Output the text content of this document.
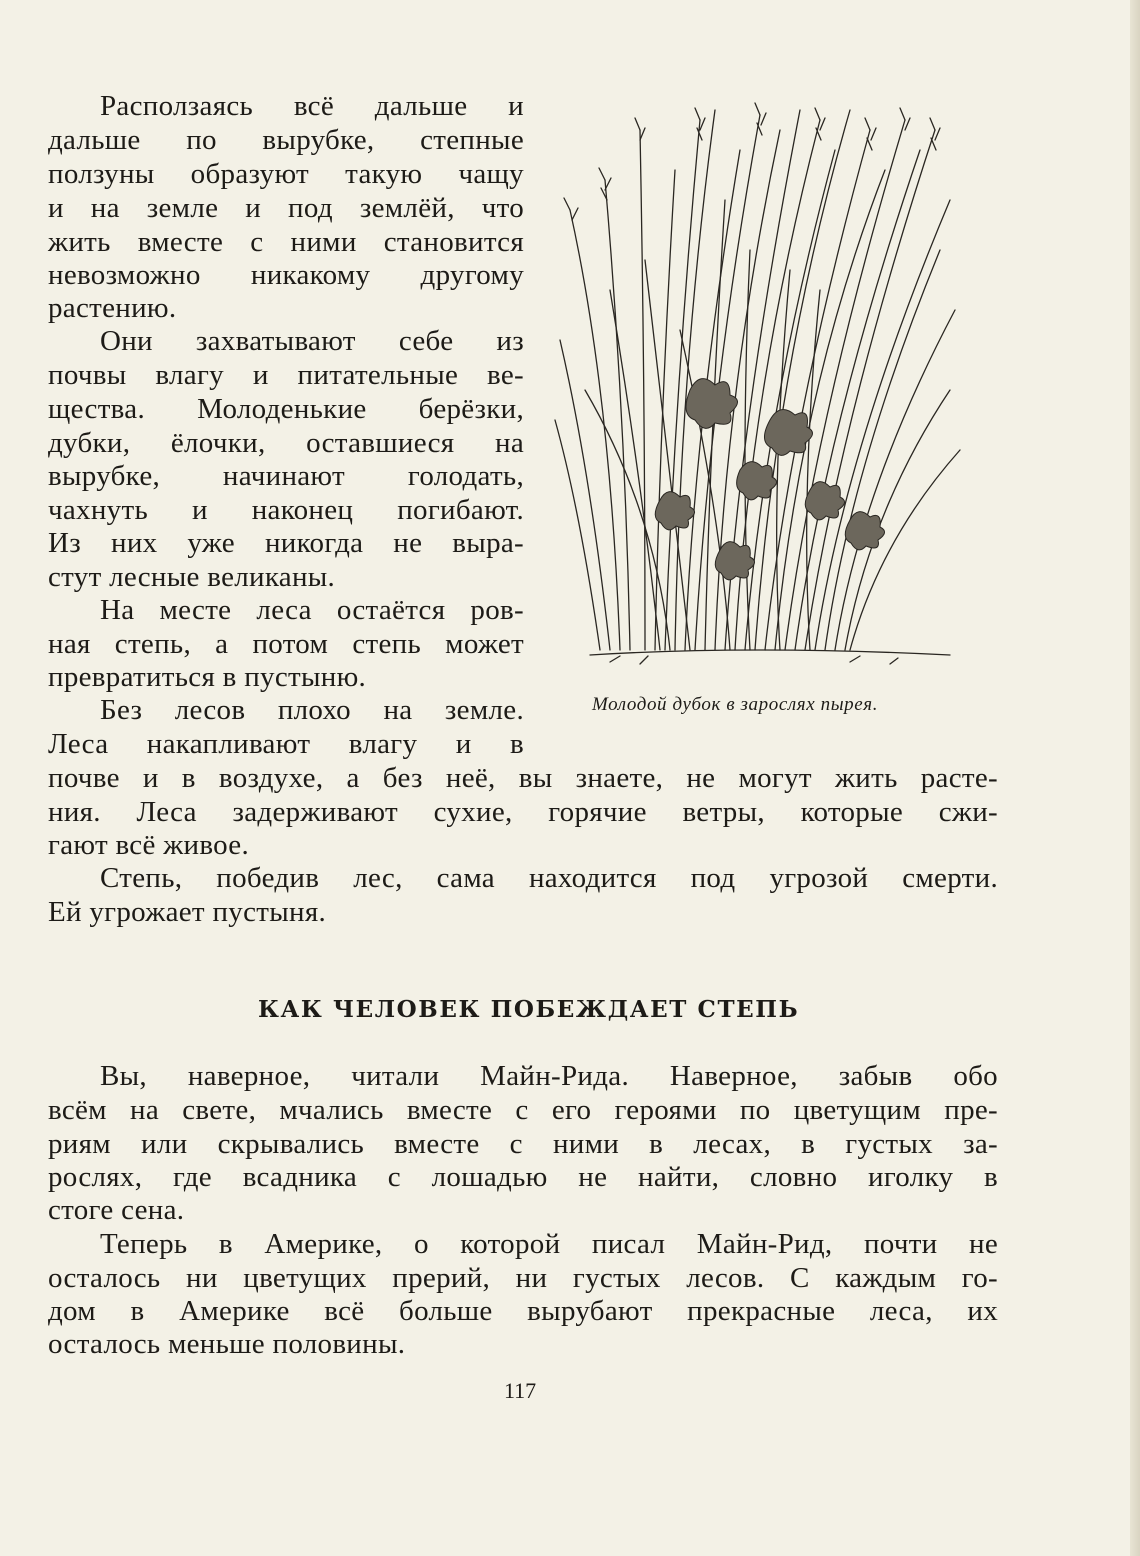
Расползаясь всё дальше и
дальше по вырубке, степные
ползуны образуют такую чащу
и на земле и под землёй, что
жить вместе с ними становится
невозможно никакому другому
растению.
Они захватывают себе из
почвы влагу и питательные ве-
щества. Молоденькие берёзки,
дубки, ёлочки, оставшиеся на
вырубке, начинают голодать,
чахнуть и наконец погибают.
Из них уже никогда не выра-
стут лесные великаны.
На месте леса остаётся ров-
ная степь, а потом степь может
превратиться в пустыню.
Без лесов плохо на земле.
Леса накапливают влагу и в
почве и в воздухе, а без неё, вы знаете, не могут жить расте-
ния. Леса задерживают сухие, горячие ветры, которые сжи-
гают всё живое.
Степь, победив лес, сама находится под угрозой смерти.
Ей угрожает пустыня.
Молодой дубок в зарослях пырея.
КАК ЧЕЛОВЕК ПОБЕЖДАЕТ СТЕПЬ
Вы, наверное, читали Майн-Рида. Наверное, забыв обо
всём на свете, мчались вместе с его героями по цветущим пре-
риям или скрывались вместе с ними в лесах, в густых за-
рослях, где всадника с лошадью не найти, словно иголку в
стоге сена.
Теперь в Америке, о которой писал Майн-Рид, почти не
осталось ни цветущих прерий, ни густых лесов. С каждым го-
дом в Америке всё больше вырубают прекрасные леса, их
осталось меньше половины.
117
